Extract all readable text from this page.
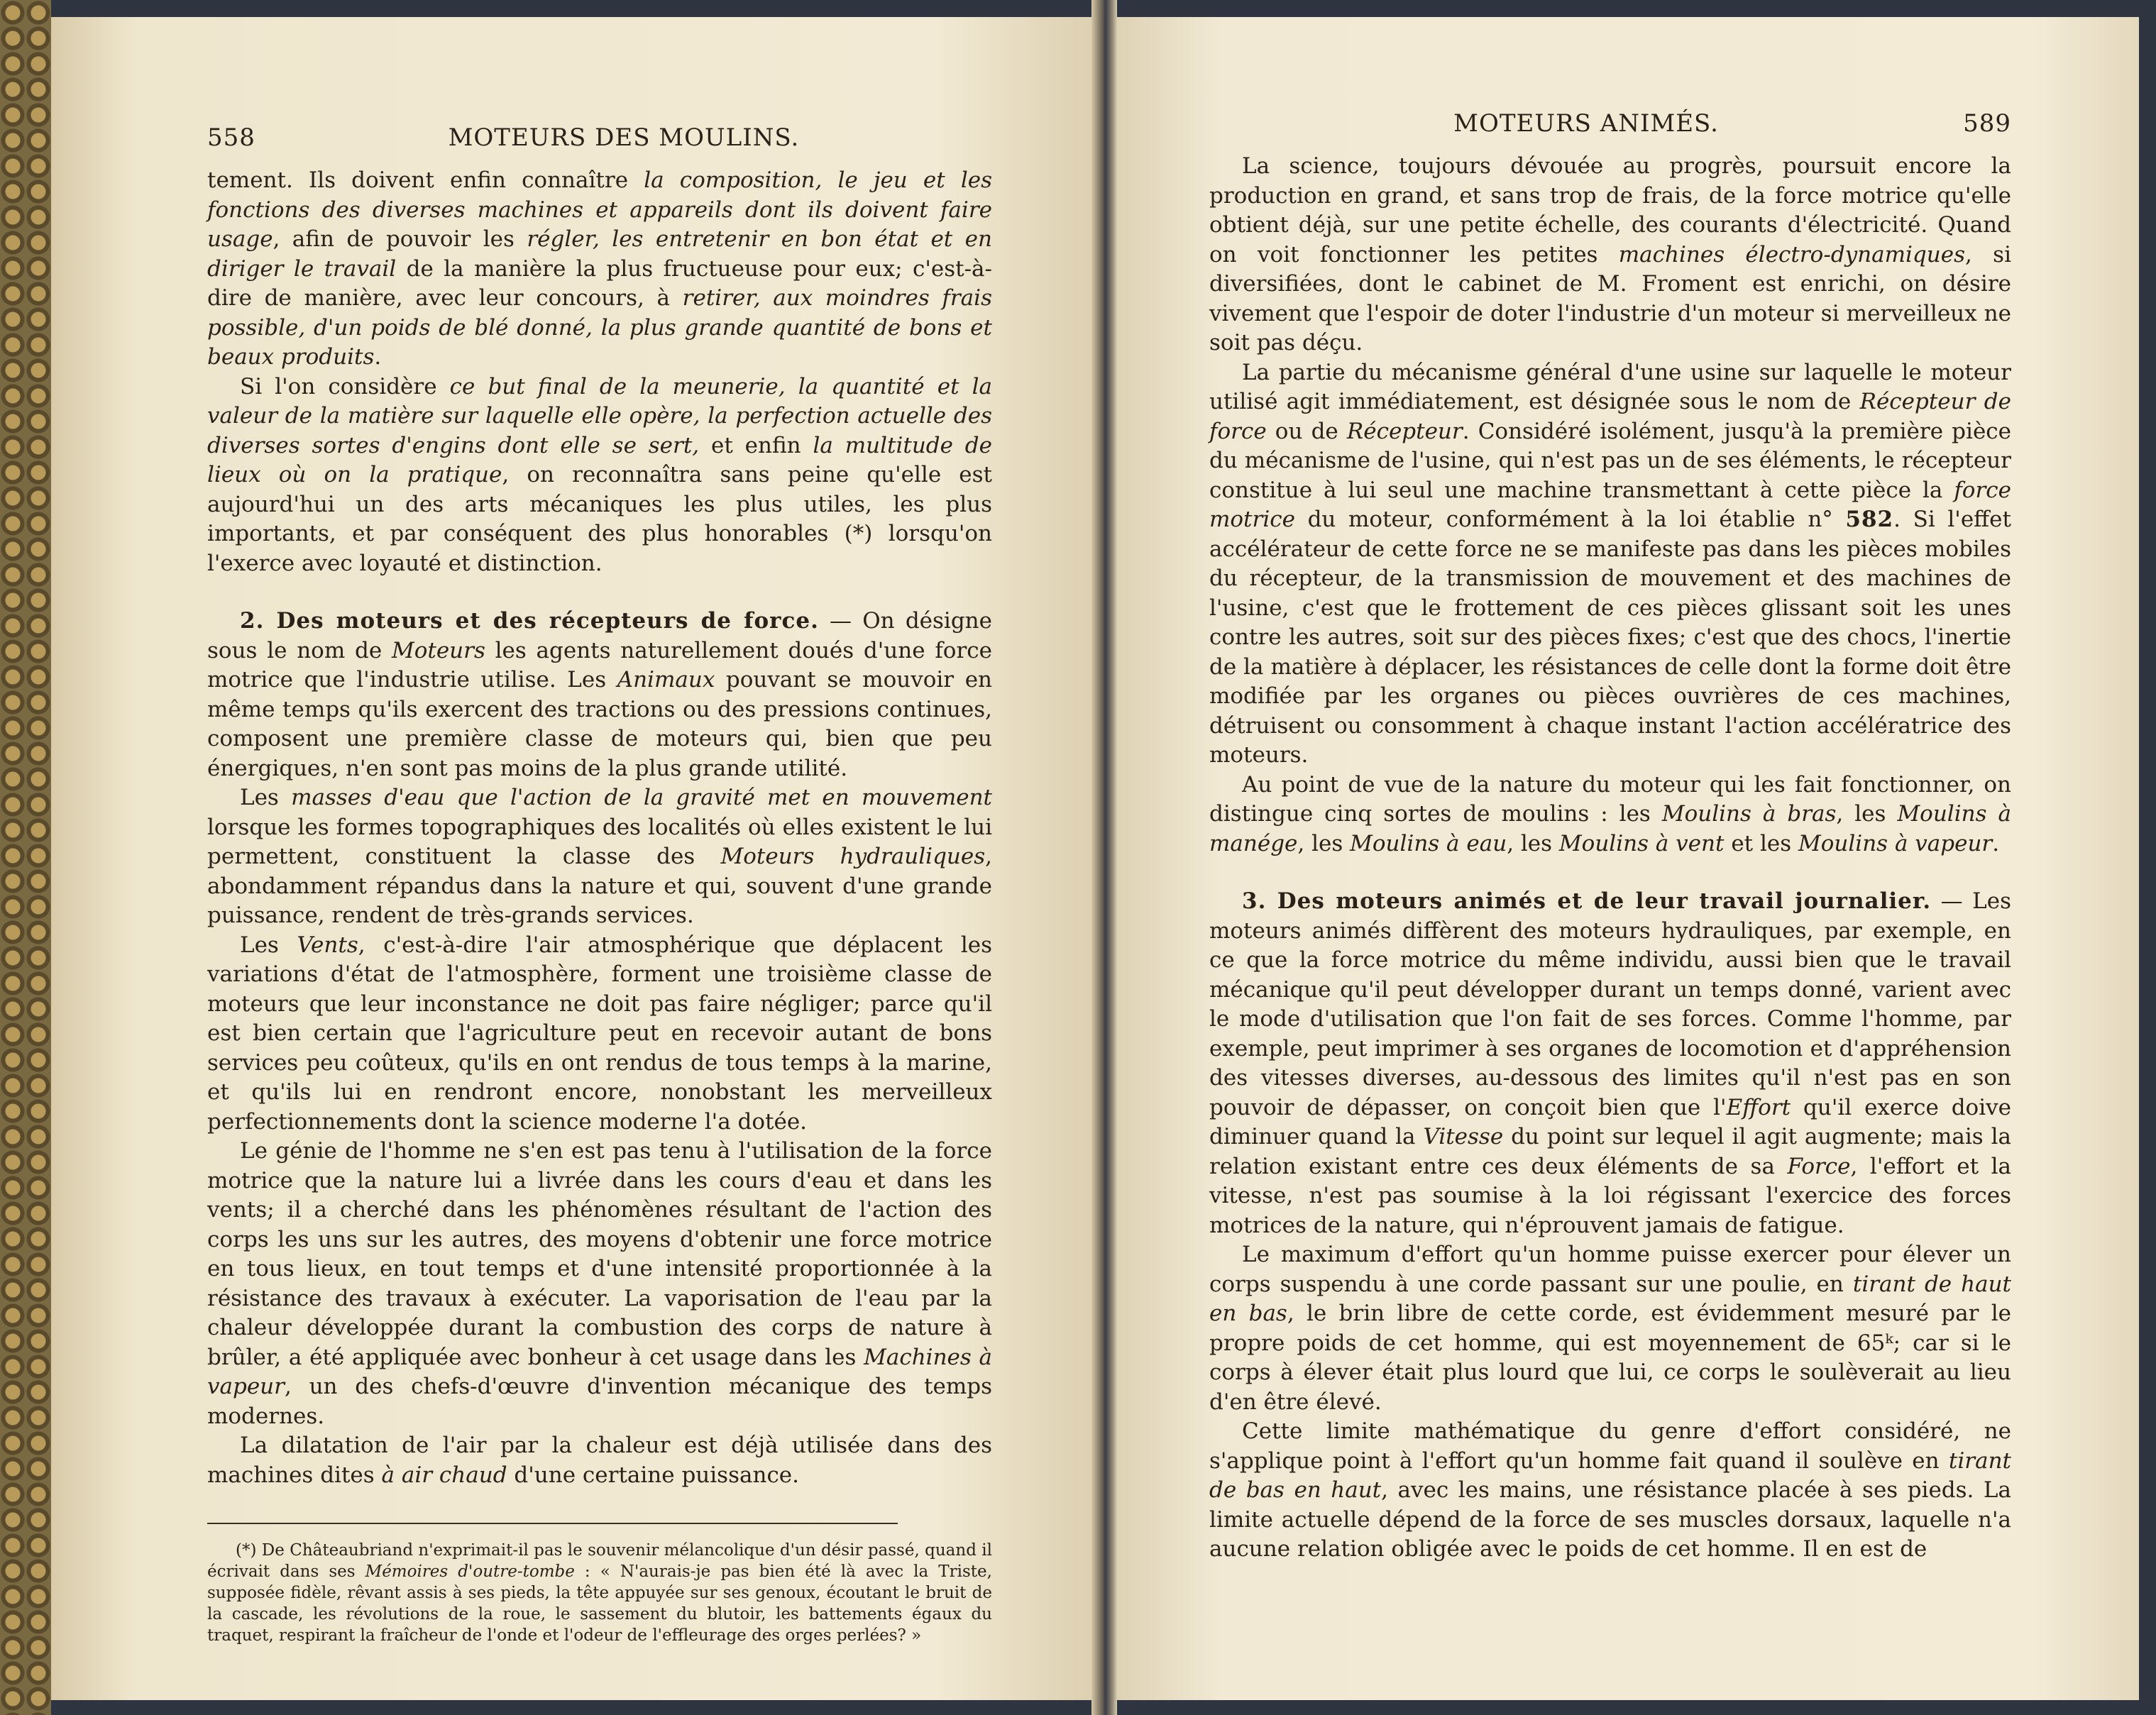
558	MOTEURS DES MOULINS.

tement. Ils doivent enfin connaître la composition, le jeu et les fonctions des diverses machines et appareils dont ils doivent faire usage, afin de pouvoir les régler, les entretenir en bon état et en diriger le travail de la manière la plus fructueuse pour eux; c'est-à-dire de manière, avec leur concours, à retirer, aux moindres frais possible, d'un poids de blé donné, la plus grande quantité de bons et beaux produits.

Si l'on considère ce but final de la meunerie, la quantité et la valeur de la matière sur laquelle elle opère, la perfection actuelle des diverses sortes d'engins dont elle se sert, et enfin la multitude de lieux où on la pratique, on reconnaîtra sans peine qu'elle est aujourd'hui un des arts mécaniques les plus utiles, les plus importants, et par conséquent des plus honorables (*) lorsqu'on l'exerce avec loyauté et distinction.

2. Des moteurs et des récepteurs de force. — On désigne sous le nom de Moteurs les agents naturellement doués d'une force motrice que l'industrie utilise. Les Animaux pouvant se mouvoir en même temps qu'ils exercent des tractions ou des pressions continues, composent une première classe de moteurs qui, bien que peu énergiques, n'en sont pas moins de la plus grande utilité.

Les masses d'eau que l'action de la gravité met en mouvement lorsque les formes topographiques des localités où elles existent le lui permettent, constituent la classe des Moteurs hydrauliques, abondamment répandus dans la nature et qui, souvent d'une grande puissance, rendent de très-grands services.

Les Vents, c'est-à-dire l'air atmosphérique que déplacent les variations d'état de l'atmosphère, forment une troisième classe de moteurs que leur inconstance ne doit pas faire négliger; parce qu'il est bien certain que l'agriculture peut en recevoir autant de bons services peu coûteux, qu'ils en ont rendus de tous temps à la marine, et qu'ils lui en rendront encore, nonobstant les merveilleux perfectionnements dont la science moderne l'a dotée.

Le génie de l'homme ne s'en est pas tenu à l'utilisation de la force motrice que la nature lui a livrée dans les cours d'eau et dans les vents; il a cherché dans les phénomènes résultant de l'action des corps les uns sur les autres, des moyens d'obtenir une force motrice en tous lieux, en tout temps et d'une intensité proportionnée à la résistance des travaux à exécuter. La vaporisation de l'eau par la chaleur développée durant la combustion des corps de nature à brûler, a été appliquée avec bonheur à cet usage dans les Machines à vapeur, un des chefs-d'œuvre d'invention mécanique des temps modernes.

La dilatation de l'air par la chaleur est déjà utilisée dans des machines dites à air chaud d'une certaine puissance.

(*) De Châteaubriand n'exprimait-il pas le souvenir mélancolique d'un désir passé, quand il écrivait dans ses Mémoires d'outre-tombe : « N'aurais-je pas bien été là avec la Triste, supposée fidèle, rêvant assis à ses pieds, la tête appuyée sur ses genoux, écoutant le bruit de la cascade, les révolutions de la roue, le sassement du blutoir, les battements égaux du traquet, respirant la fraîcheur de l'onde et l'odeur de l'effleurage des orges perlées? »

MOTEURS ANIMÉS.	589

La science, toujours dévouée au progrès, poursuit encore la production en grand, et sans trop de frais, de la force motrice qu'elle obtient déjà, sur une petite échelle, des courants d'électricité. Quand on voit fonctionner les petites machines électro-dynamiques, si diversifiées, dont le cabinet de M. Froment est enrichi, on désire vivement que l'espoir de doter l'industrie d'un moteur si merveilleux ne soit pas déçu.

La partie du mécanisme général d'une usine sur laquelle le moteur utilisé agit immédiatement, est désignée sous le nom de Récepteur de force ou de Récepteur. Considéré isolément, jusqu'à la première pièce du mécanisme de l'usine, qui n'est pas un de ses éléments, le récepteur constitue à lui seul une machine transmettant à cette pièce la force motrice du moteur, conformément à la loi établie n° 582. Si l'effet accélérateur de cette force ne se manifeste pas dans les pièces mobiles du récepteur, de la transmission de mouvement et des machines de l'usine, c'est que le frottement de ces pièces glissant soit les unes contre les autres, soit sur des pièces fixes; c'est que des chocs, l'inertie de la matière à déplacer, les résistances de celle dont la forme doit être modifiée par les organes ou pièces ouvrières de ces machines, détruisent ou consomment à chaque instant l'action accélératrice des moteurs.

Au point de vue de la nature du moteur qui les fait fonctionner, on distingue cinq sortes de moulins : les Moulins à bras, les Moulins à manége, les Moulins à eau, les Moulins à vent et les Moulins à vapeur.

3. Des moteurs animés et de leur travail journalier. — Les moteurs animés diffèrent des moteurs hydrauliques, par exemple, en ce que la force motrice du même individu, aussi bien que le travail mécanique qu'il peut développer durant un temps donné, varient avec le mode d'utilisation que l'on fait de ses forces. Comme l'homme, par exemple, peut imprimer à ses organes de locomotion et d'appréhension des vitesses diverses, au-dessous des limites qu'il n'est pas en son pouvoir de dépasser, on conçoit bien que l'Effort qu'il exerce doive diminuer quand la Vitesse du point sur lequel il agit augmente; mais la relation existant entre ces deux éléments de sa Force, l'effort et la vitesse, n'est pas soumise à la loi régissant l'exercice des forces motrices de la nature, qui n'éprouvent jamais de fatigue.

Le maximum d'effort qu'un homme puisse exercer pour élever un corps suspendu à une corde passant sur une poulie, en tirant de haut en bas, le brin libre de cette corde, est évidemment mesuré par le propre poids de cet homme, qui est moyennement de 65ᵏ; car si le corps à élever était plus lourd que lui, ce corps le soulèverait au lieu d'en être élevé.

Cette limite mathématique du genre d'effort considéré, ne s'applique point à l'effort qu'un homme fait quand il soulève en tirant de bas en haut, avec les mains, une résistance placée à ses pieds. La limite actuelle dépend de la force de ses muscles dorsaux, laquelle n'a aucune relation obligée avec le poids de cet homme. Il en est de
